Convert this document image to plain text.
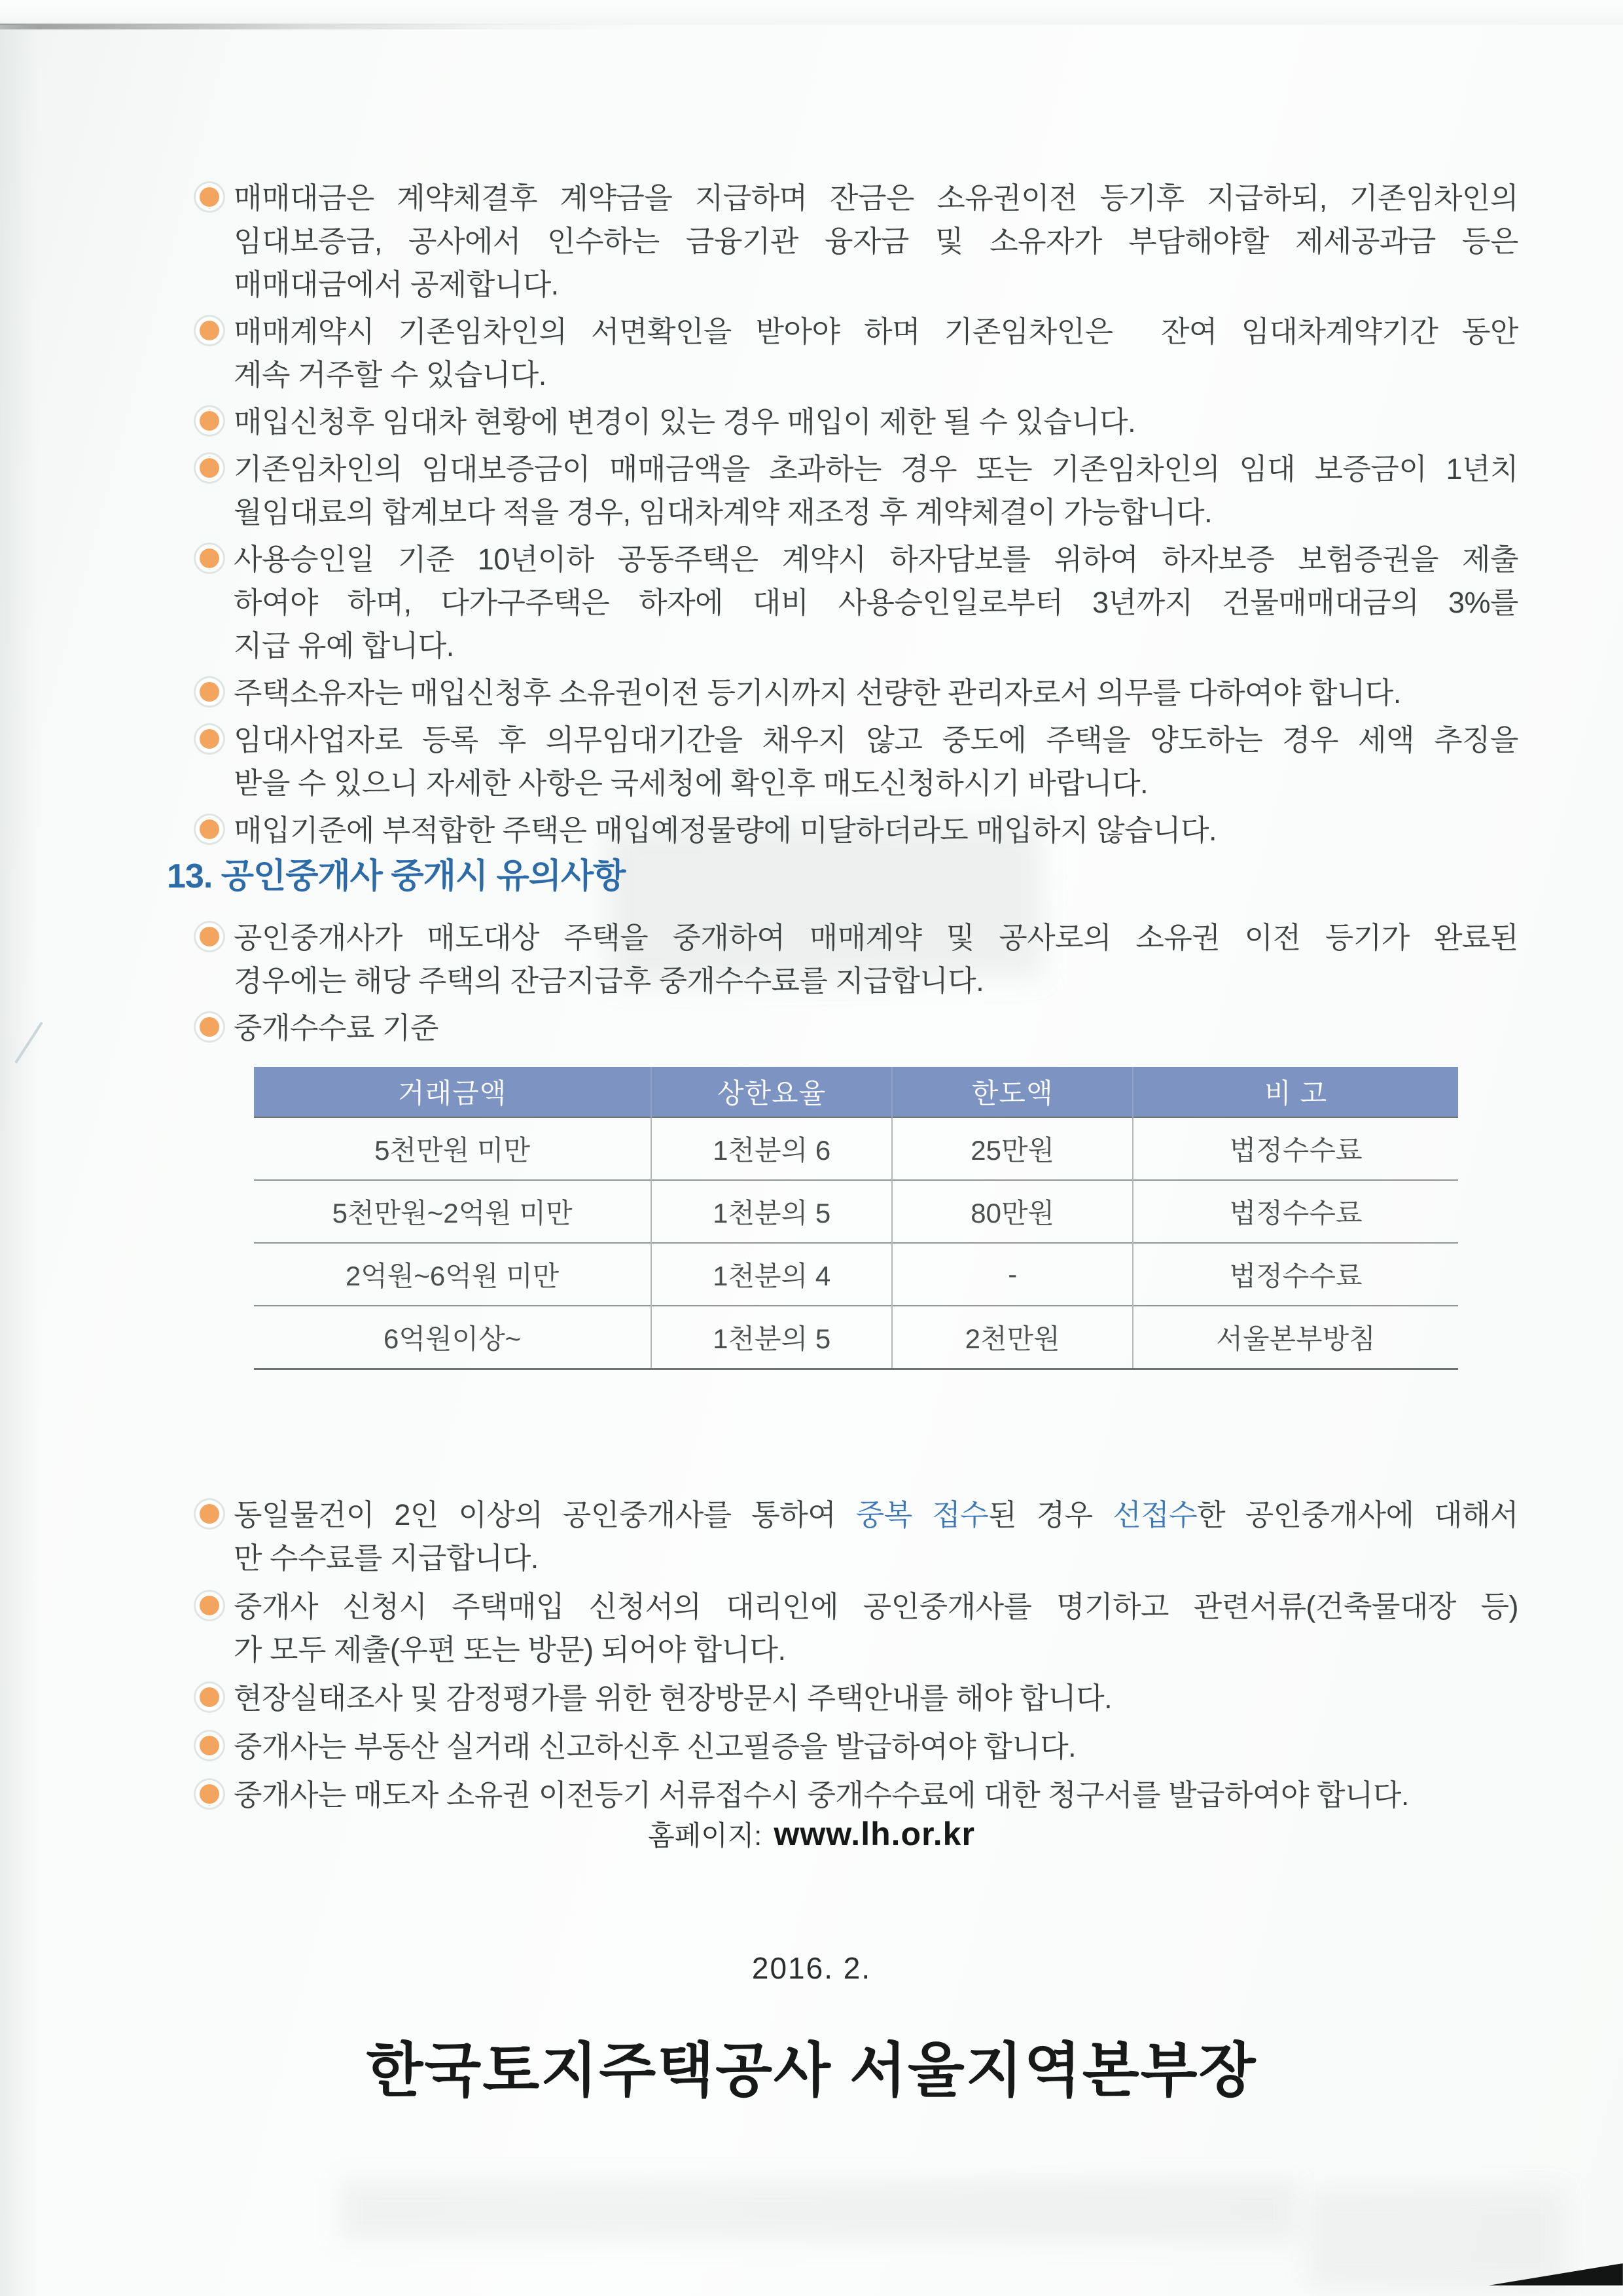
매매대금은 계약체결후 계약금을 지급하며 잔금은 소유권이전 등기후 지급하되, 기존임차인의
임대보증금, 공사에서 인수하는 금융기관 융자금 및 소유자가 부담해야할 제세공과금 등은
매매대금에서 공제합니다.
매매계약시 기존임차인의 서면확인을 받아야 하며 기존임차인은  잔여 임대차계약기간 동안
계속 거주할 수 있습니다.
매입신청후 임대차 현황에 변경이 있는 경우 매입이 제한 될 수 있습니다.
기존임차인의 임대보증금이 매매금액을 초과하는 경우 또는 기존임차인의 임대 보증금이 1년치
월임대료의 합계보다 적을 경우, 임대차계약 재조정 후 계약체결이 가능합니다.
사용승인일 기준 10년이하 공동주택은 계약시 하자담보를 위하여 하자보증 보험증권을 제출
하여야 하며, 다가구주택은 하자에 대비 사용승인일로부터 3년까지 건물매매대금의 3%를
지급 유예 합니다.
주택소유자는 매입신청후 소유권이전 등기시까지 선량한 관리자로서 의무를 다하여야 합니다.
임대사업자로 등록 후 의무임대기간을 채우지 않고 중도에 주택을 양도하는 경우 세액 추징을
받을 수 있으니 자세한 사항은 국세청에 확인후 매도신청하시기 바랍니다.
매입기준에 부적합한 주택은 매입예정물량에 미달하더라도 매입하지 않습니다.
13. 공인중개사 중개시 유의사항
공인중개사가 매도대상 주택을 중개하여 매매계약 및 공사로의 소유권 이전 등기가 완료된
경우에는 해당 주택의 잔금지급후 중개수수료를 지급합니다.
중개수수료 기준
거래금액	상한요율	한도액	비 고
5천만원 미만	1천분의 6	25만원	법정수수료
5천만원~2억원 미만	1천분의 5	80만원	법정수수료
2억원~6억원 미만	1천분의 4	-	법정수수료
6억원이상~	1천분의 5	2천만원	서울본부방침
동일물건이 2인 이상의 공인중개사를 통하여 중복 접수된 경우 선접수한 공인중개사에 대해서
만 수수료를 지급합니다.
중개사 신청시 주택매입 신청서의 대리인에 공인중개사를 명기하고 관련서류(건축물대장 등)
가 모두 제출(우편 또는 방문) 되어야 합니다.
현장실태조사 및 감정평가를 위한 현장방문시 주택안내를 해야 합니다.
중개사는 부동산 실거래 신고하신후 신고필증을 발급하여야 합니다.
중개사는 매도자 소유권 이전등기 서류접수시 중개수수료에 대한 청구서를 발급하여야 합니다.
홈페이지: www.lh.or.kr
2016. 2.
한국토지주택공사 서울지역본부장
